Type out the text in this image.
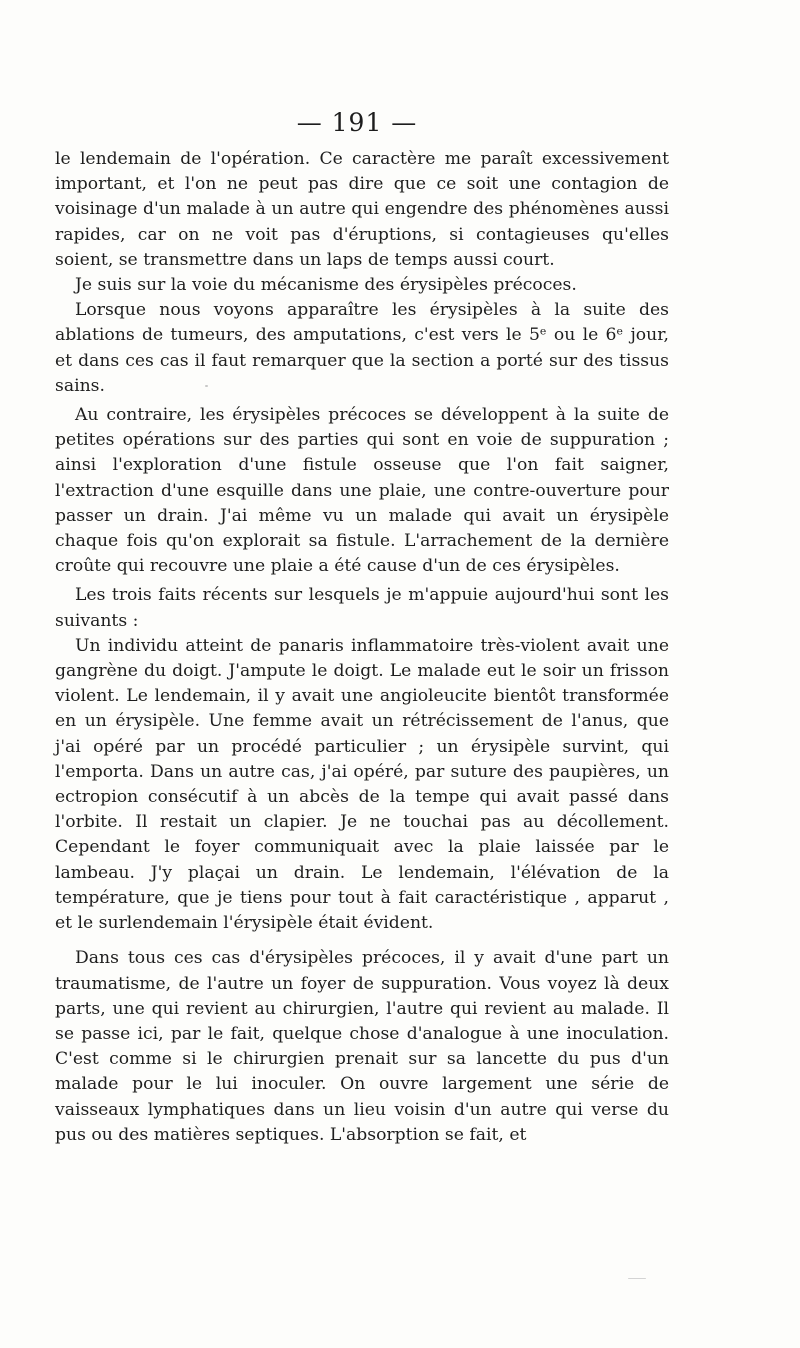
— 191 —

le lendemain de l'opération. Ce caractère me paraît excessivement important, et l'on ne peut pas dire que ce soit une contagion de voisinage d'un malade à un autre qui engendre des phénomènes aussi rapides, car on ne voit pas d'éruptions, si contagieuses qu'elles soient, se transmettre dans un laps de temps aussi court.

Je suis sur la voie du mécanisme des érysipèles précoces.

Lorsque nous voyons apparaître les érysipèles à la suite des ablations de tumeurs, des amputations, c'est vers le 5ᵉ ou le 6ᵉ jour, et dans ces cas il faut remarquer que la section a porté sur des tissus sains.

Au contraire, les érysipèles précoces se développent à la suite de petites opérations sur des parties qui sont en voie de suppuration ; ainsi l'exploration d'une fistule osseuse que l'on fait saigner, l'extraction d'une esquille dans une plaie, une contre-ouverture pour passer un drain. J'ai même vu un malade qui avait un érysipèle chaque fois qu'on explorait sa fistule. L'arrachement de la dernière croûte qui recouvre une plaie a été cause d'un de ces érysipèles.

Les trois faits récents sur lesquels je m'appuie aujourd'hui sont les suivants :

Un individu atteint de panaris inflammatoire très-violent avait une gangrène du doigt. J'ampute le doigt. Le malade eut le soir un frisson violent. Le lendemain, il y avait une angioleucite bientôt transformée en un érysipèle. Une femme avait un rétrécissement de l'anus, que j'ai opéré par un procédé particulier ; un érysipèle survint, qui l'emporta. Dans un autre cas, j'ai opéré, par suture des paupières, un ectropion consécutif à un abcès de la tempe qui avait passé dans l'orbite. Il restait un clapier. Je ne touchai pas au décollement. Cependant le foyer communiquait avec la plaie laissée par le lambeau. J'y plaçai un drain. Le lendemain, l'élévation de la température, que je tiens pour tout à fait caractéristique , apparut , et le surlendemain l'érysipèle était évident.

Dans tous ces cas d'érysipèles précoces, il y avait d'une part un traumatisme, de l'autre un foyer de suppuration. Vous voyez là deux parts, une qui revient au chirurgien, l'autre qui revient au malade. Il se passe ici, par le fait, quelque chose d'analogue à une inoculation. C'est comme si le chirurgien prenait sur sa lancette du pus d'un malade pour le lui inoculer. On ouvre largement une série de vaisseaux lymphatiques dans un lieu voisin d'un autre qui verse du pus ou des matières septiques. L'absorption se fait, et
